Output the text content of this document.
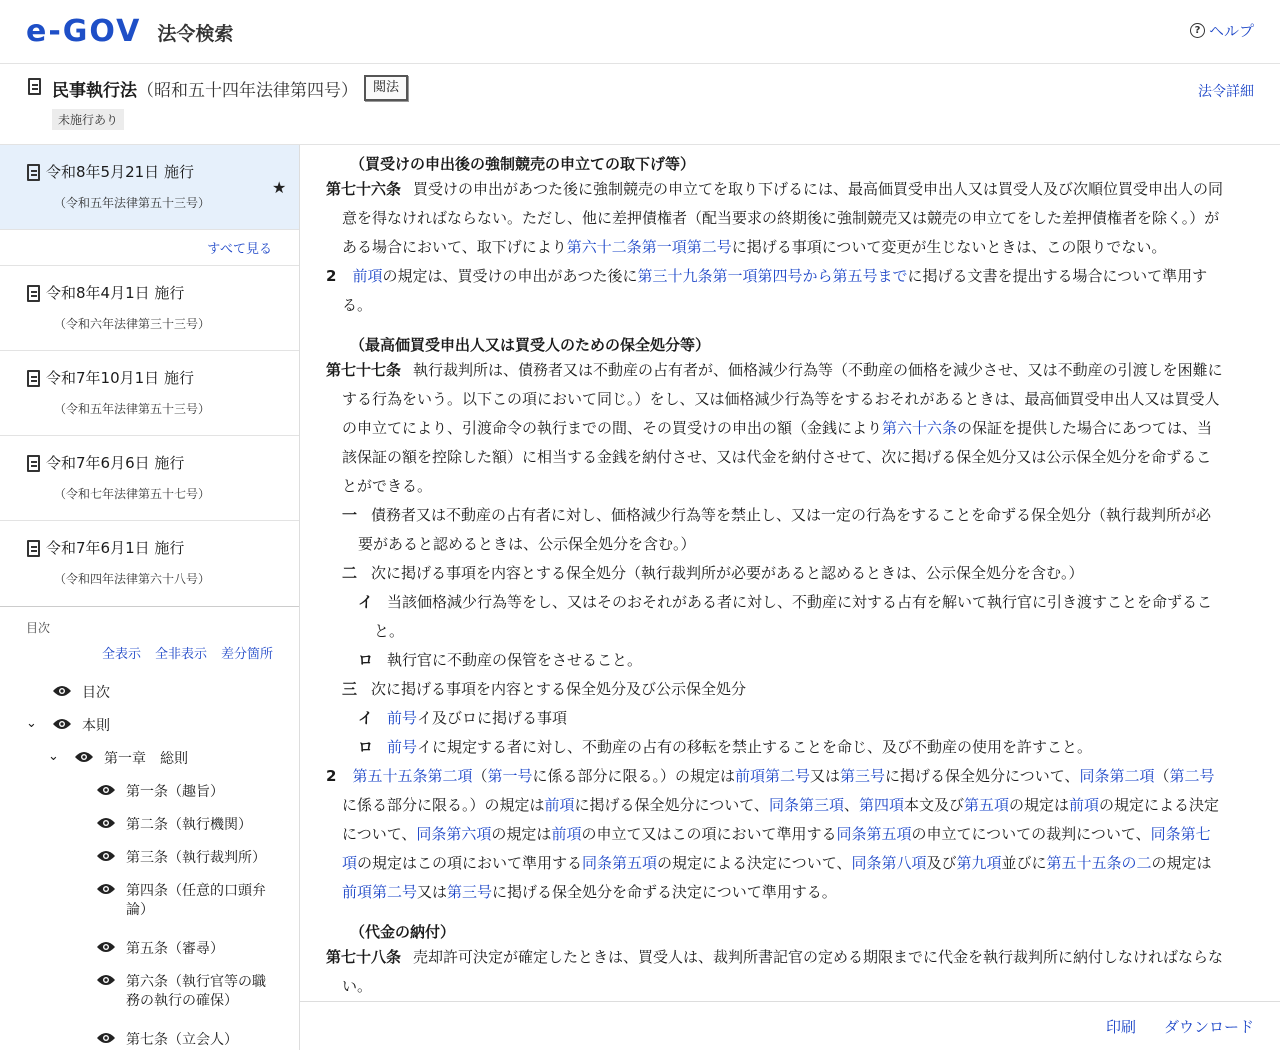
e-GOV 法令検索	? ヘルプ
民事執行法（昭和五十四年法律第四号）	閲法
未施行あり
法令詳細
令和8年5月21日 施行
（令和五年法律第五十三号）
★
すべて見る
令和8年4月1日 施行
（令和六年法律第三十三号）
令和7年10月1日 施行
（令和五年法律第五十三号）
令和7年6月6日 施行
（令和七年法律第五十七号）
令和7年6月1日 施行
（令和四年法律第六十八号）
目次
全表示 全非表示 差分箇所
目次
⌄	本則
⌄	第一章　総則
第一条（趣旨）
第二条（執行機関）
第三条（執行裁判所）
第四条（任意的口頭弁
論）
第五条（審尋）
第六条（執行官等の職
務の執行の確保）
第七条（立会人）
（買受けの申出後の強制競売の申立ての取下げ等）
第七十六条 買受けの申出があつた後に強制競売の申立てを取り下げるには、最高価買受申出人又は買受人及び次順位買受申出人の同意を得なければならない。ただし、他に差押債権者（配当要求の終期後に強制競売又は競売の申立てをした差押債権者を除く。）がある場合において、取下げにより第六十二条第一項第二号に掲げる事項について変更が生じないときは、この限りでない。
2 前項の規定は、買受けの申出があつた後に第三十九条第一項第四号から第五号までに掲げる文書を提出する場合について準用する。
（最高価買受申出人又は買受人のための保全処分等）
第七十七条 執行裁判所は、債務者又は不動産の占有者が、価格減少行為等（不動産の価格を減少させ、又は不動産の引渡しを困難にする行為をいう。以下この項において同じ。）をし、又は価格減少行為等をするおそれがあるときは、最高価買受申出人又は買受人の申立てにより、引渡命令の執行までの間、その買受けの申出の額（金銭により第六十六条の保証を提供した場合にあつては、当該保証の額を控除した額）に相当する金銭を納付させ、又は代金を納付させて、次に掲げる保全処分又は公示保全処分を命ずることができる。
一 債務者又は不動産の占有者に対し、価格減少行為等を禁止し、又は一定の行為をすることを命ずる保全処分（執行裁判所が必要があると認めるときは、公示保全処分を含む。）
二 次に掲げる事項を内容とする保全処分（執行裁判所が必要があると認めるときは、公示保全処分を含む。）
イ 当該価格減少行為等をし、又はそのおそれがある者に対し、不動産に対する占有を解いて執行官に引き渡すことを命ずること。
ロ 執行官に不動産の保管をさせること。
三 次に掲げる事項を内容とする保全処分及び公示保全処分
イ 前号イ及びロに掲げる事項
ロ 前号イに規定する者に対し、不動産の占有の移転を禁止することを命じ、及び不動産の使用を許すこと。
2 第五十五条第二項（第一号に係る部分に限る。）の規定は前項第二号又は第三号に掲げる保全処分について、同条第二項（第二号に係る部分に限る。）の規定は前項に掲げる保全処分について、同条第三項、第四項本文及び第五項の規定は前項の規定による決定について、同条第六項の規定は前項の申立て又はこの項において準用する同条第五項の申立てについての裁判について、同条第七項の規定はこの項において準用する同条第五項の規定による決定について、同条第八項及び第九項並びに第五十五条の二の規定は前項第二号又は第三号に掲げる保全処分を命ずる決定について準用する。
（代金の納付）
第七十八条 売却許可決定が確定したときは、買受人は、裁判所書記官の定める期限までに代金を執行裁判所に納付しなければならない。
印刷 ダウンロード
